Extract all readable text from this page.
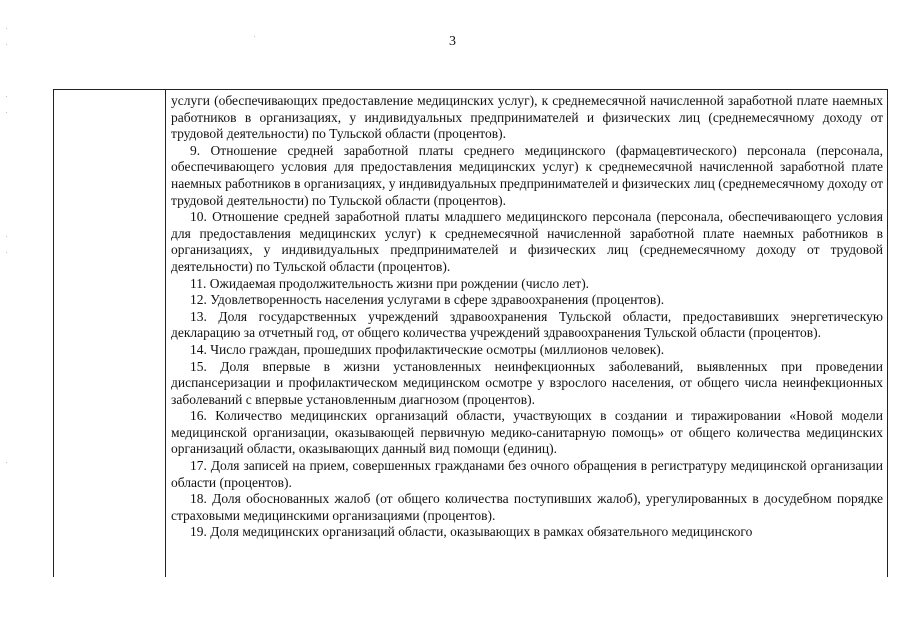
3

услуги (обеспечивающих предоставление медицинских услуг), к среднемесячной начисленной заработной плате наемных работников в организациях, у индивидуальных предпринимателей и физических лиц (среднемесячному доходу от трудовой деятельности) по Тульской области (процентов).

9. Отношение средней заработной платы среднего медицинского (фармацевтического) персонала (персонала, обеспечивающего условия для предоставления медицинских услуг) к среднемесячной начисленной заработной плате наемных работников в организациях, у индивидуальных предпринимателей и физических лиц (среднемесячному доходу от трудовой деятельности) по Тульской области (процентов).

10. Отношение средней заработной платы младшего медицинского персонала (персонала, обеспечивающего условия для предоставления медицинских услуг) к среднемесячной начисленной заработной плате наемных работников в организациях, у индивидуальных предпринимателей и физических лиц (среднемесячному доходу от трудовой деятельности) по Тульской области (процентов).

11. Ожидаемая продолжительность жизни при рождении (число лет).

12. Удовлетворенность населения услугами в сфере здравоохранения (процентов).

13. Доля государственных учреждений здравоохранения Тульской области, предоставивших энергетическую декларацию за отчетный год, от общего количества учреждений здравоохранения Тульской области (процентов).

14. Число граждан, прошедших профилактические осмотры (миллионов человек).

15. Доля впервые в жизни установленных неинфекционных заболеваний, выявленных при проведении диспансеризации и профилактическом медицинском осмотре у взрослого населения, от общего числа неинфекционных заболеваний с впервые установленным диагнозом (процентов).

16. Количество медицинских организаций области, участвующих в создании и тиражировании «Новой модели медицинской организации, оказывающей первичную медико-санитарную помощь» от общего количества медицинских организаций области, оказывающих данный вид помощи (единиц).

17. Доля записей на прием, совершенных гражданами без очного обращения в регистратуру медицинской организации области (процентов).

18. Доля обоснованных жалоб (от общего количества поступивших жалоб), урегулированных в досудебном порядке страховыми медицинскими организациями (процентов).

19. Доля медицинских организаций области, оказывающих в рамках обязательного медицинского
